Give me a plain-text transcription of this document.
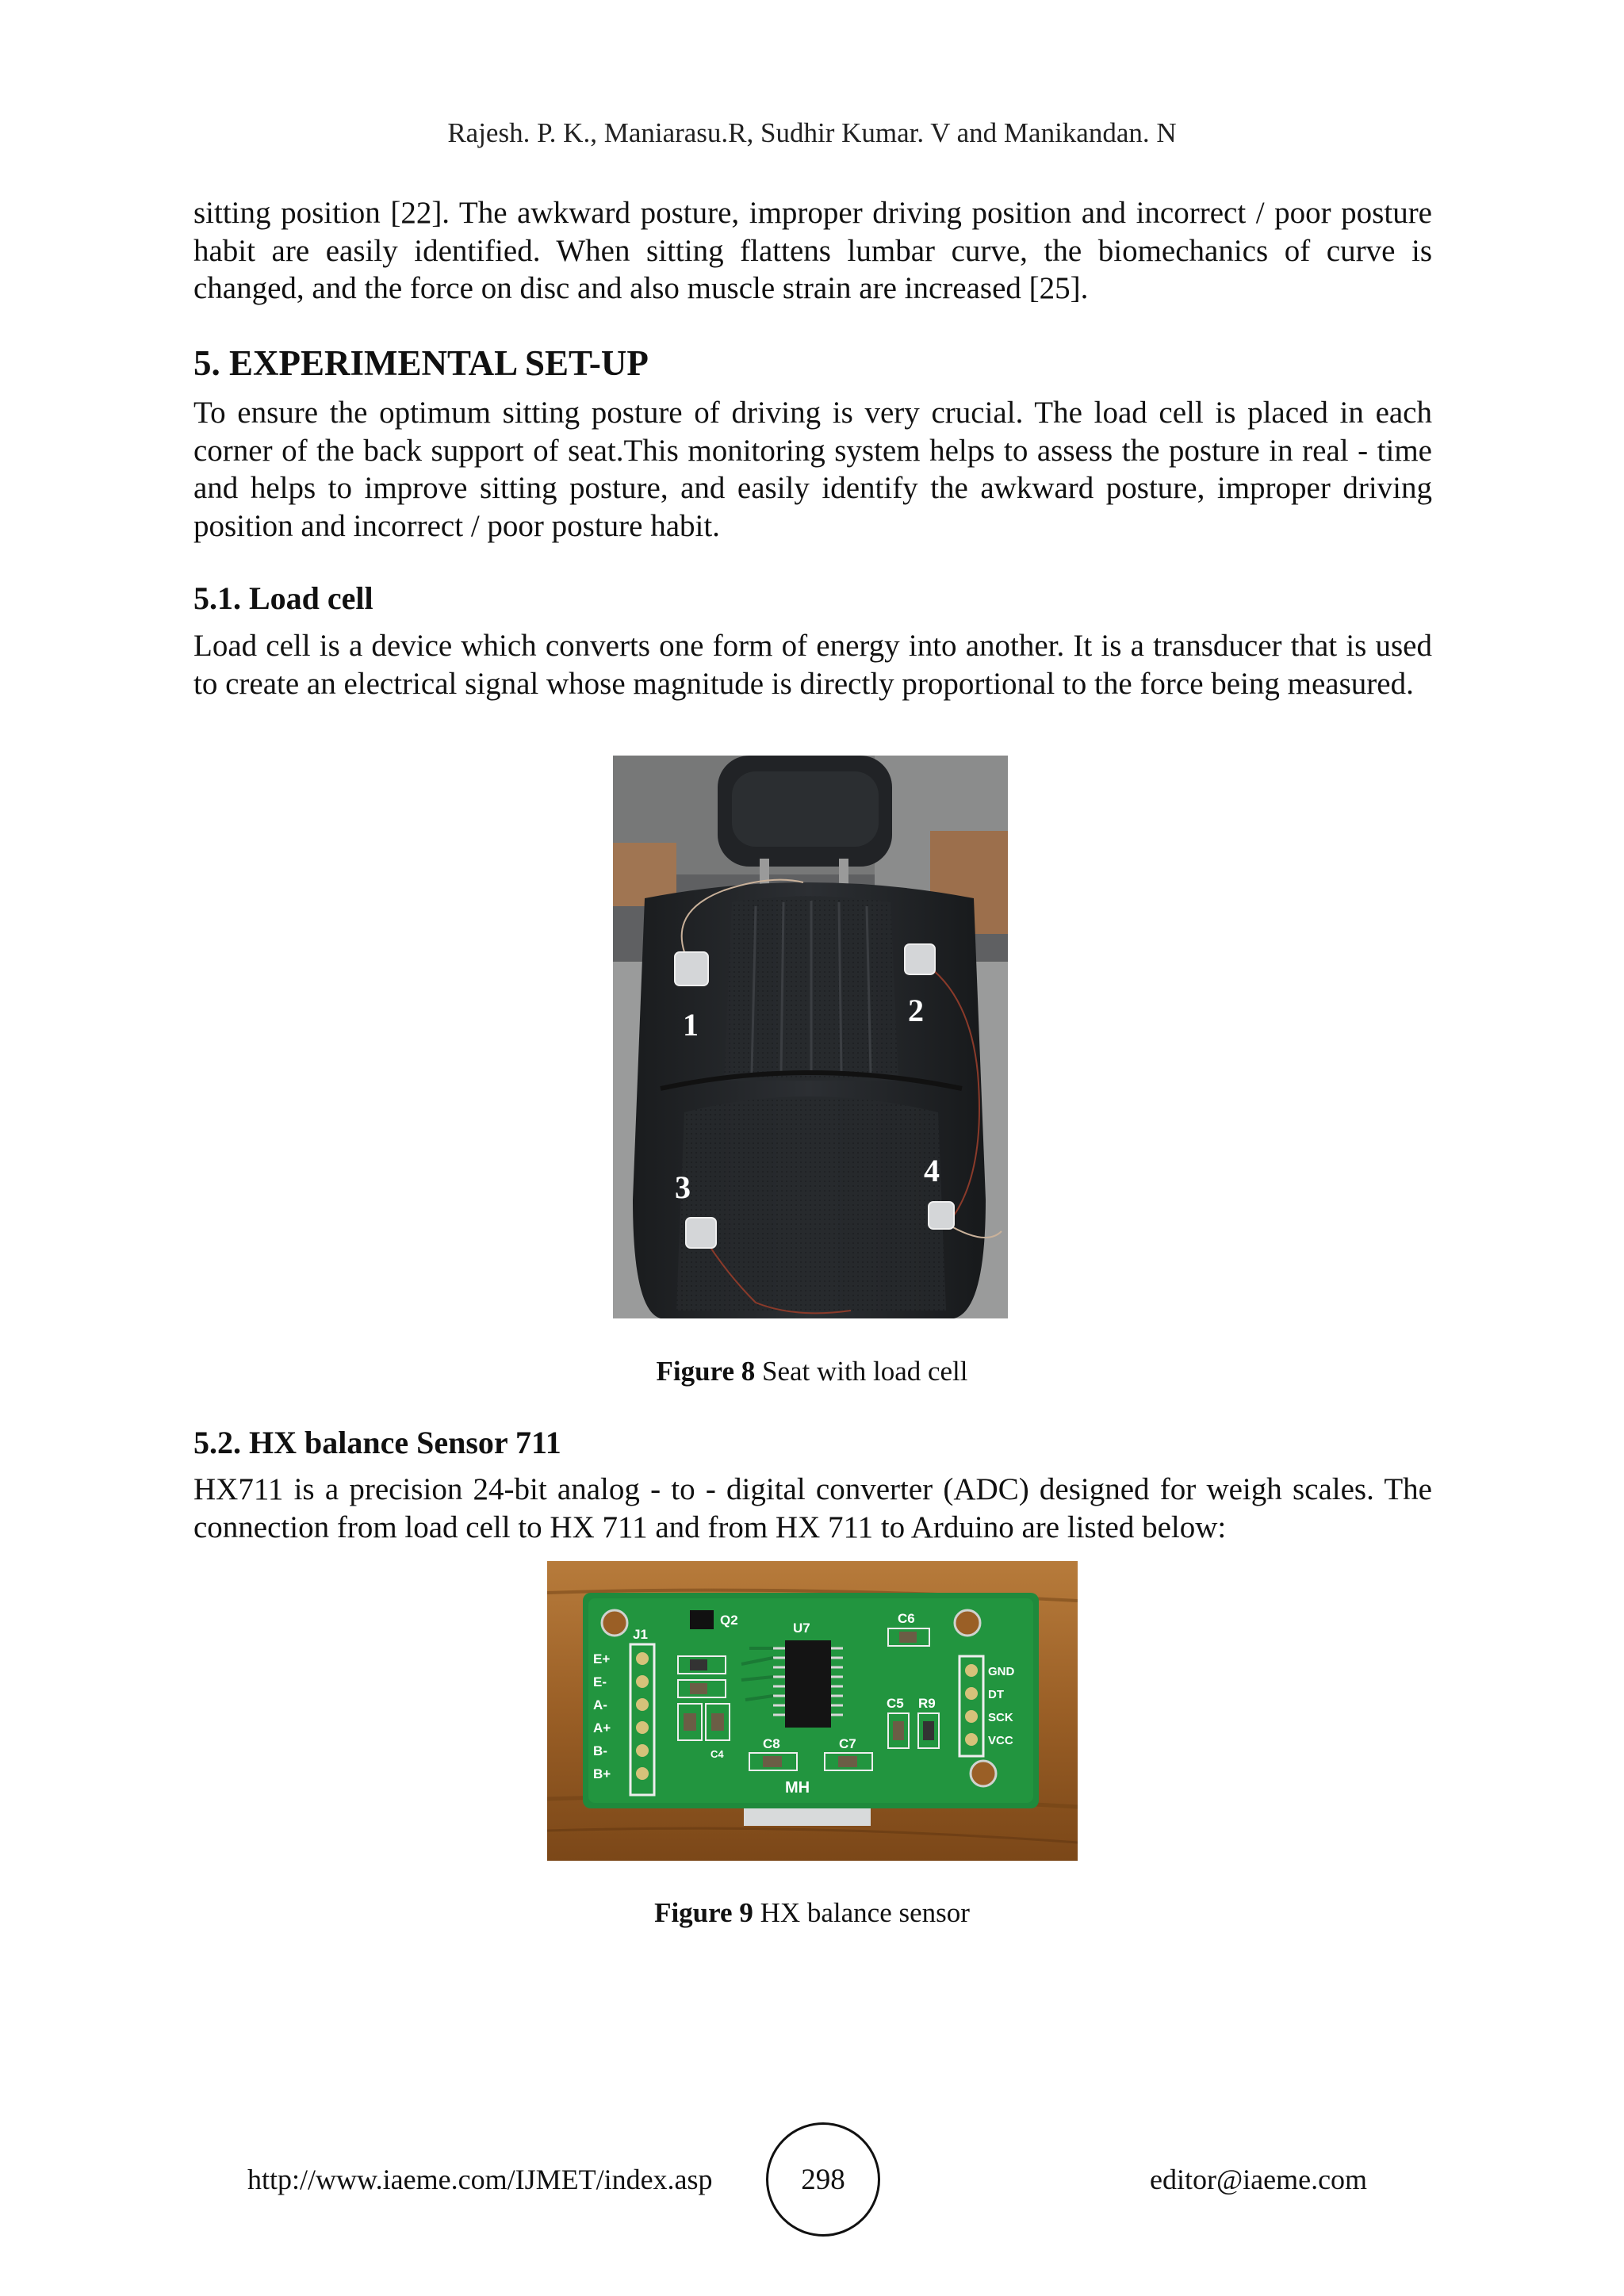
Rajesh. P. K., Maniarasu.R, Sudhir Kumar. V and Manikandan. N

sitting position [22]. The awkward posture, improper driving position and incorrect / poor posture habit are easily identified. When sitting flattens lumbar curve, the biomechanics of curve is changed, and the force on disc and also muscle strain are increased [25].

5. EXPERIMENTAL SET-UP

To ensure the optimum sitting posture of driving is very crucial. The load cell is placed in each corner of the back support of seat.This monitoring system helps to assess the posture in real - time and helps to improve sitting posture, and easily identify the awkward posture, improper driving position and incorrect / poor posture habit.

5.1. Load cell

Load cell is a device which converts one form of energy into another. It is a transducer that is used to create an electrical signal whose magnitude is directly proportional to the force being measured.

1	2
3	4

Figure 8 Seat with load cell

5.2. HX balance Sensor 711

HX711 is a precision 24-bit analog - to - digital converter (ADC) designed for weigh scales. The connection from load cell to HX 711 and from HX 711 to Arduino are listed below:

E+
E-
A-
A+
B-
B+
J1
Q2
U7
C4
C6
C5 R9
C8	C7
MH
GND
DT
SCK
VCC

Figure 9 HX balance sensor

http://www.iaeme.com/IJMET/index.asp	298	editor@iaeme.com
